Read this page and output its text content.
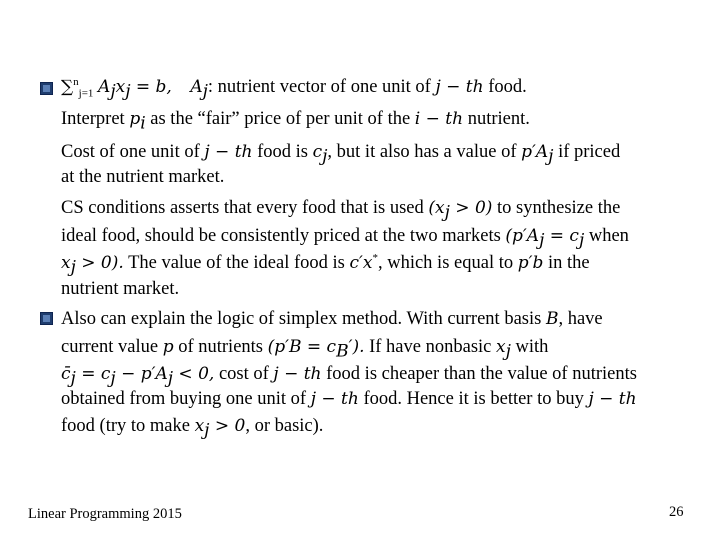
∑$^n_{j=1}$ $A_jx_j = b$, $A_j$: nutrient vector of one unit of j − th food.
Interpret $p_i$ as the “fair” price of per unit of the i − th nutrient.
Cost of one unit of j − th food is $c_j$, but it also has a value of $p'A_j$ if priced
at the nutrient market.
CS conditions asserts that every food that is used $(x_j > 0)$ to synthesize the
ideal food, should be consistently priced at the two markets ($p'A_j = c_j$ when
$x_j > 0$). The value of the ideal food is c′x*, which is equal to p′b in the
nutrient market.
Also can explain the logic of simplex method. With current basis B, have
current value p of nutrients $(p'B = c_B')$. If have nonbasic $x_j$ with
$c̄_j = c_j - p'A_j < 0$, cost of j − th food is cheaper than the value of nutrients
obtained from buying one unit of j − th food. Hence it is better to buy j − th
food (try to make $x_j > 0$, or basic).
Linear Programming 2015	26
